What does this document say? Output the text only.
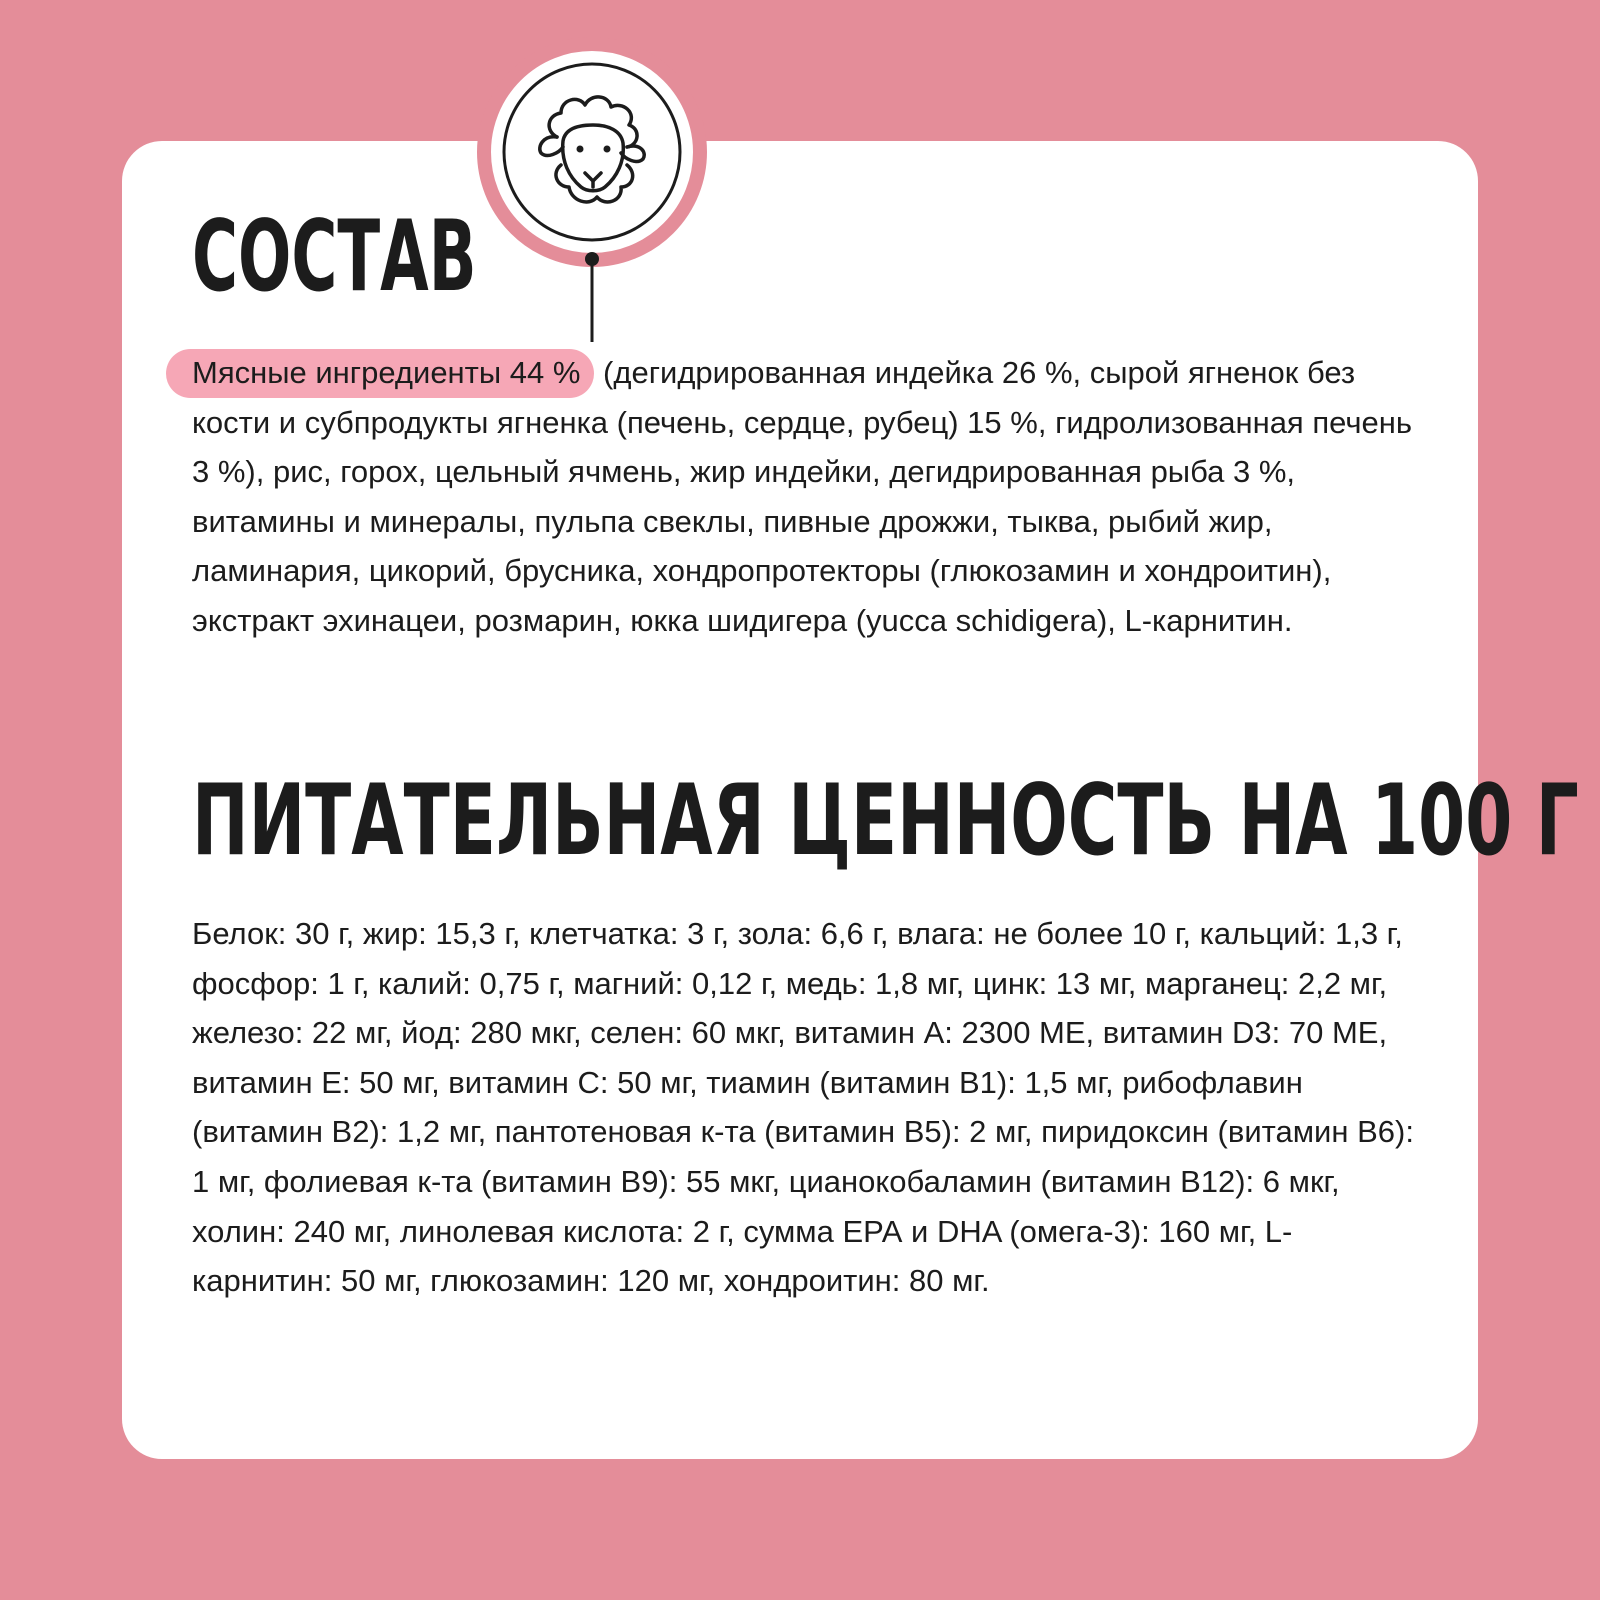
СОСТАВ

Мясные ингредиенты 44 % (дегидрированная индейка 26 %, сырой ягненок без кости и субпродукты ягненка (печень, сердце, рубец) 15 %, гидролизованная печень 3 %), рис, горох, цельный ячмень, жир индейки, дегидрированная рыба 3 %, витамины и минералы, пульпа свеклы, пивные дрожжи, тыква, рыбий жир, ламинария, цикорий, брусника, хондропротекторы (глюкозамин и хондроитин), экстракт эхинацеи, розмарин, юкка шидигера (yucca schidigera), L-карнитин.

ПИТАТЕЛЬНАЯ ЦЕННОСТЬ НА 100 Г

Белок: 30 г, жир: 15,3 г, клетчатка: 3 г, зола: 6,6 г, влага: не более 10 г, кальций: 1,3 г, фосфор: 1 г, калий: 0,75 г, магний: 0,12 г, медь: 1,8 мг, цинк: 13 мг, марганец: 2,2 мг, железо: 22 мг, йод: 280 мкг, селен: 60 мкг, витамин А: 2300 МЕ, витамин D3: 70 МЕ, витамин Е: 50 мг, витамин С: 50 мг, тиамин (витамин В1): 1,5 мг, рибофлавин (витамин В2): 1,2 мг, пантотеновая к-та (витамин В5): 2 мг, пиридоксин (витамин В6): 1 мг, фолиевая к-та (витамин В9): 55 мкг, цианокобаламин (витамин В12): 6 мкг, холин: 240 мг, линолевая кислота: 2 г, сумма ЕРА и DHA (омега-3): 160 мг, L-карнитин: 50 мг, глюкозамин: 120 мг, хондроитин: 80 мг.
